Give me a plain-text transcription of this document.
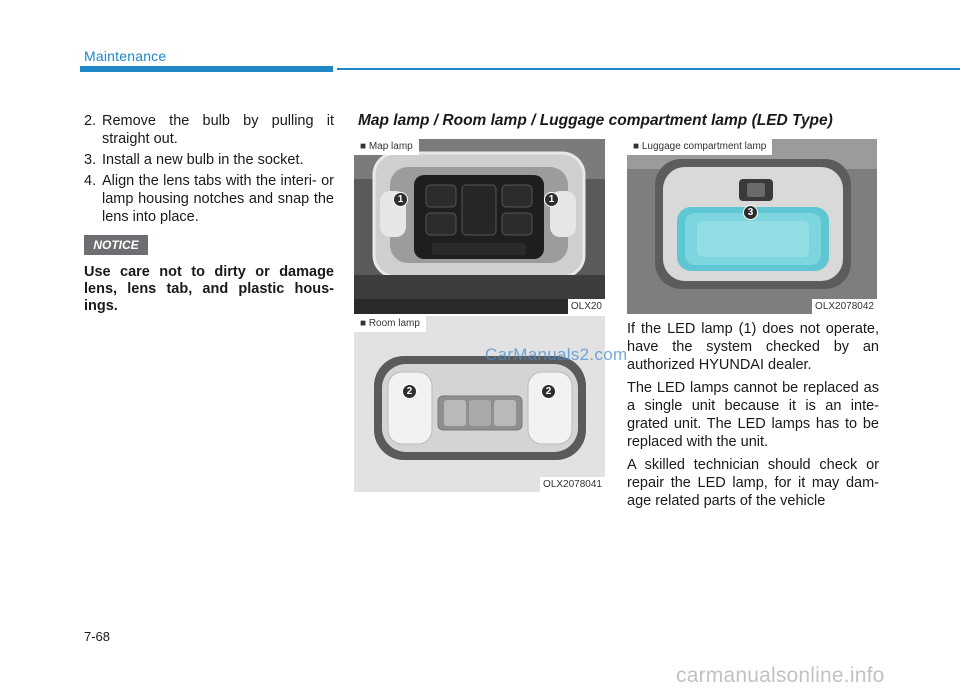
Maintenance
2. Remove the bulb by pulling it straight out.
3. Install a new bulb in the socket.
4. Align the lens tabs with the interi- or lamp housing notches and snap the lens into place.
NOTICE
Use care not to dirty or damage lens, lens tab, and plastic hous- ings.
Map lamp / Room lamp / Luggage compartment lamp (LED Type)
1	1
■ Map lamp
OLX20
2	2
■ Room lamp
OLX2078041
3
■ Luggage compartment lamp
OLX2078042

If the LED lamp (1) does not operate, have the system checked by an authorized HYUNDAI dealer.

The LED lamps cannot be replaced as a single unit because it is an inte- grated unit. The LED lamps has to be replaced with the unit.

A skilled technician should check or repair the LED lamp, for it may dam- age related parts of the vehicle

CarManuals2.com
7-68
carmanualsonline.info
